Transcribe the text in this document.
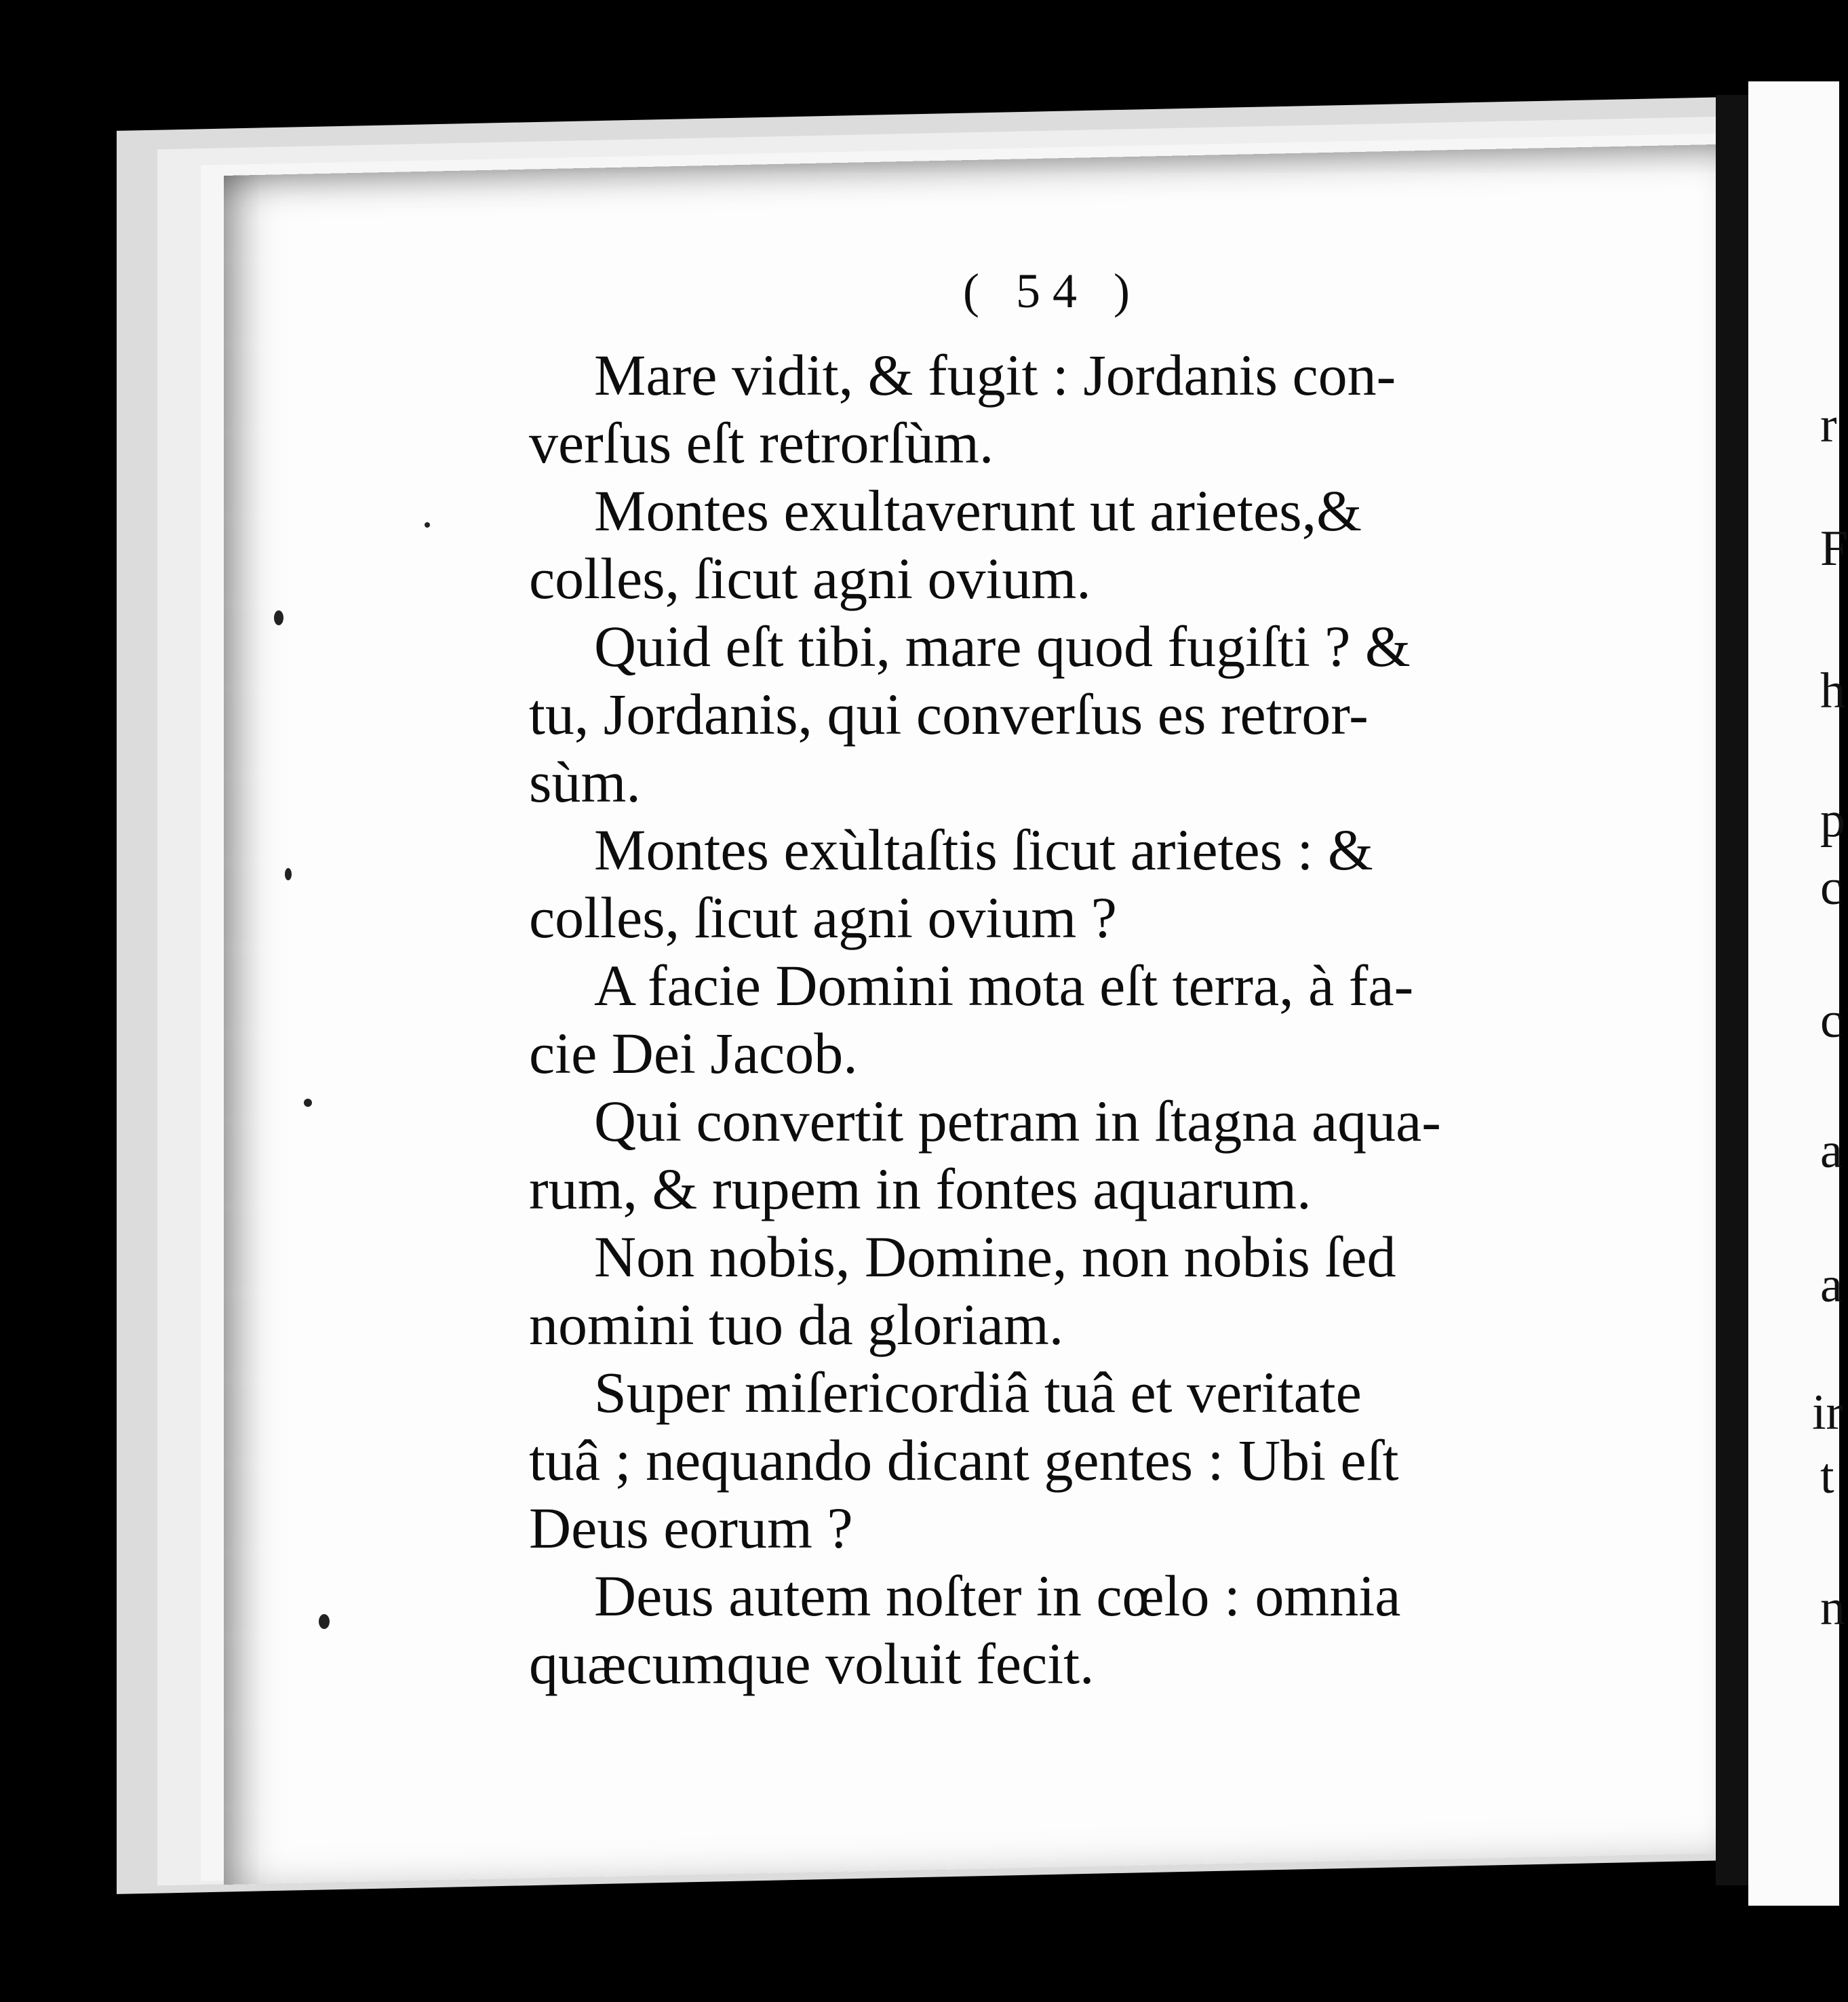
r
F
h
p
c
c
a
a
ir
t
n
( 54 )
Mare vidit, & fugit : Jordanis con-
verſus eſt retrorſùm.
Montes exultaverunt ut arietes,&
colles, ſicut agni ovium.
Quid eſt tibi, mare quod fugiſti ? &
tu, Jordanis, qui converſus es retror-
sùm.
Montes exùltaſtis ſicut arietes : &
colles, ſicut agni ovium ?
A facie Domini mota eſt terra, à fa-
cie Dei Jacob.
Qui convertit petram in ſtagna aqua-
rum, & rupem in fontes aquarum.
Non nobis, Domine, non nobis ſed
nomini tuo da gloriam.
Super miſericordiâ tuâ et veritate
tuâ ; nequando dicant gentes : Ubi eſt
Deus eorum ?
Deus autem noſter in cœlo : omnia
quæcumque voluit fecit.
